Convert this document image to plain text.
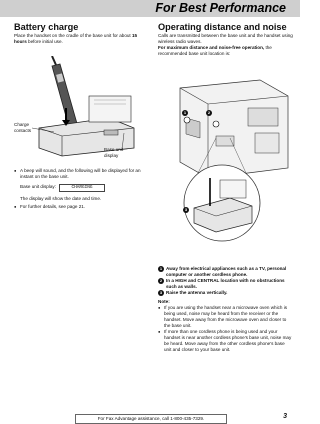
For Best Performance
Battery charge

Place the handset on the cradle of the base unit for about 15 hours before initial use.

Charge
contacts
Base unit
display

● A beep will sound, and the following will be displayed for an instant on the base unit.

Base unit display:	CHARGING

The display will show the date and time.

● For further details, see page 21.

Operating distance and noise

Calls are transmitted between the base unit and the handset using wireless radio waves.

For maximum distance and noise-free operation, the recommended base unit location is:

1	2
3

1 Away from electrical appliances such as a TV, personal computer or another cordless phone.

2 In a HIGH and CENTRAL location with no obstructions such as walls.

3 Raise the antenna vertically.

Note:

● If you are using the handset near a microwave oven which is being used, noise may be heard from the receiver or the handset. Move away from the microwave oven and closer to the base unit.

● If more than one cordless phone is being used and your handset is near another cordless phone's base unit, noise may be heard. Move away from the other cordless phone's base unit and closer to your base unit.

For Fax Advantage assistance, call 1-800-435-7329.	3
